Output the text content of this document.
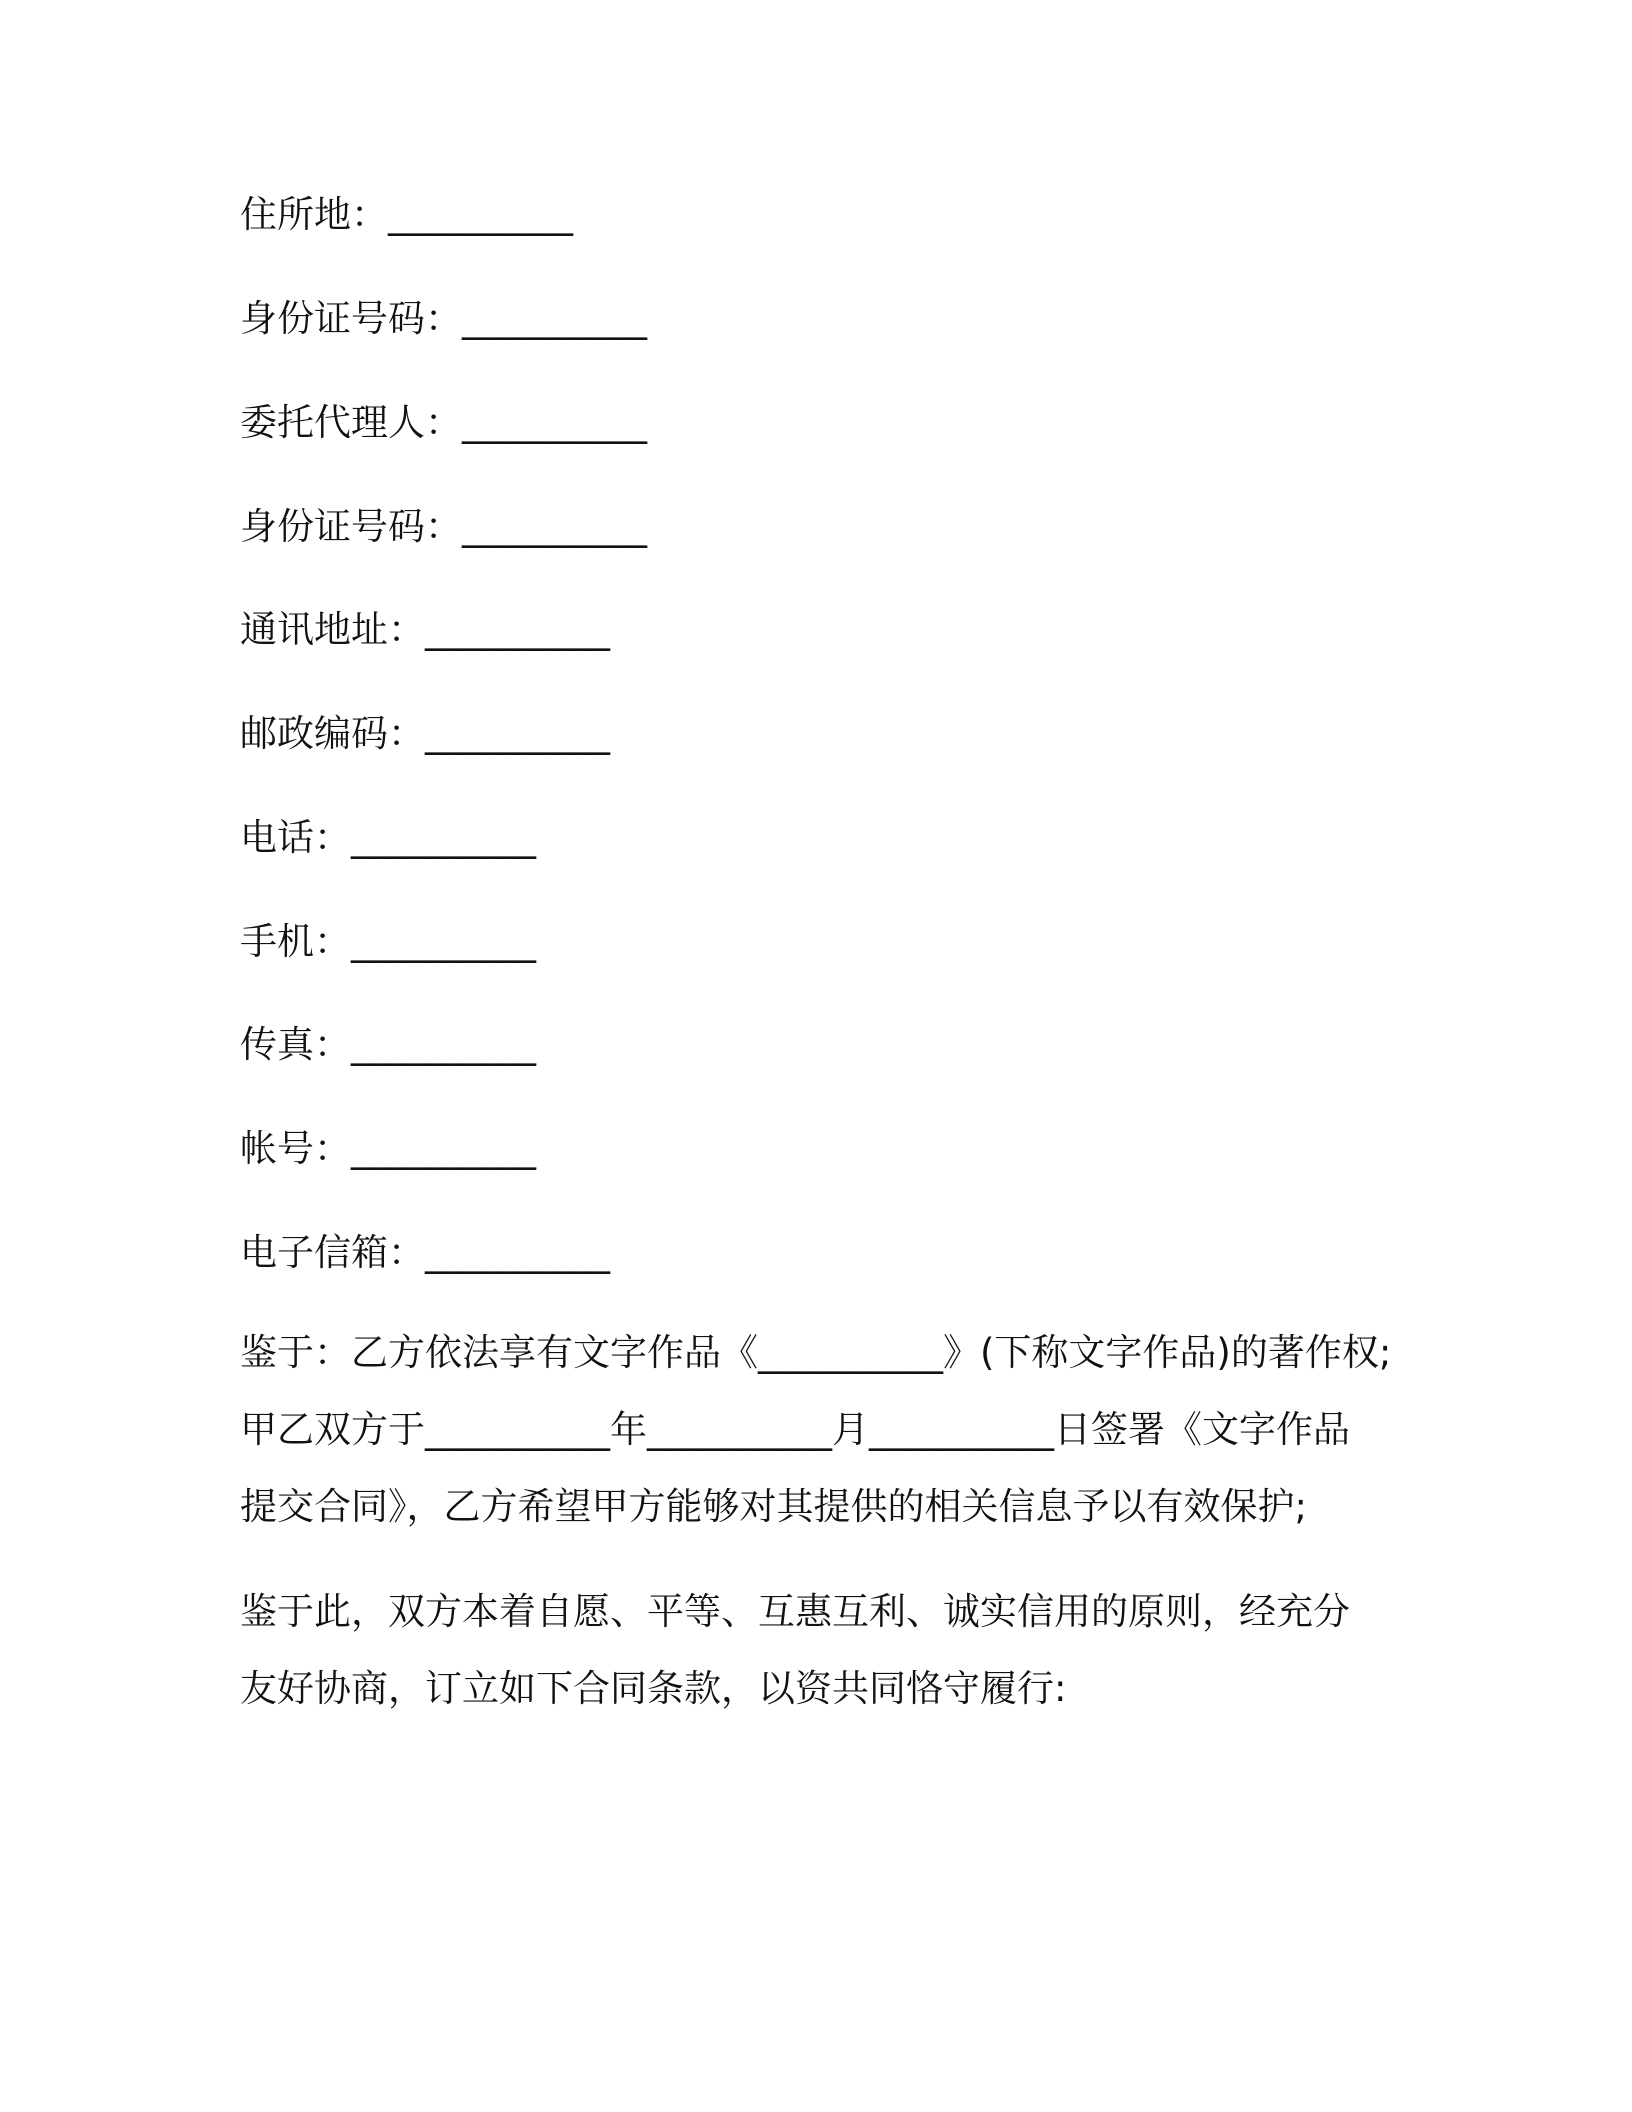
住所地：__________
身份证号码：__________
委托代理人：__________
身份证号码：__________
通讯地址：__________
邮政编码：__________
电话：__________
手机：__________
传真：__________
帐号：__________
电子信箱：__________
鉴于：乙方依法享有文字作品《__________》(下称文字作品)的著作权;
甲乙双方于__________年__________月__________日签署《文字作品
提交合同》，乙方希望甲方能够对其提供的相关信息予以有效保护;
鉴于此，双方本着自愿、平等、互惠互利、诚实信用的原则，经充分
友好协商，订立如下合同条款，以资共同恪守履行:
